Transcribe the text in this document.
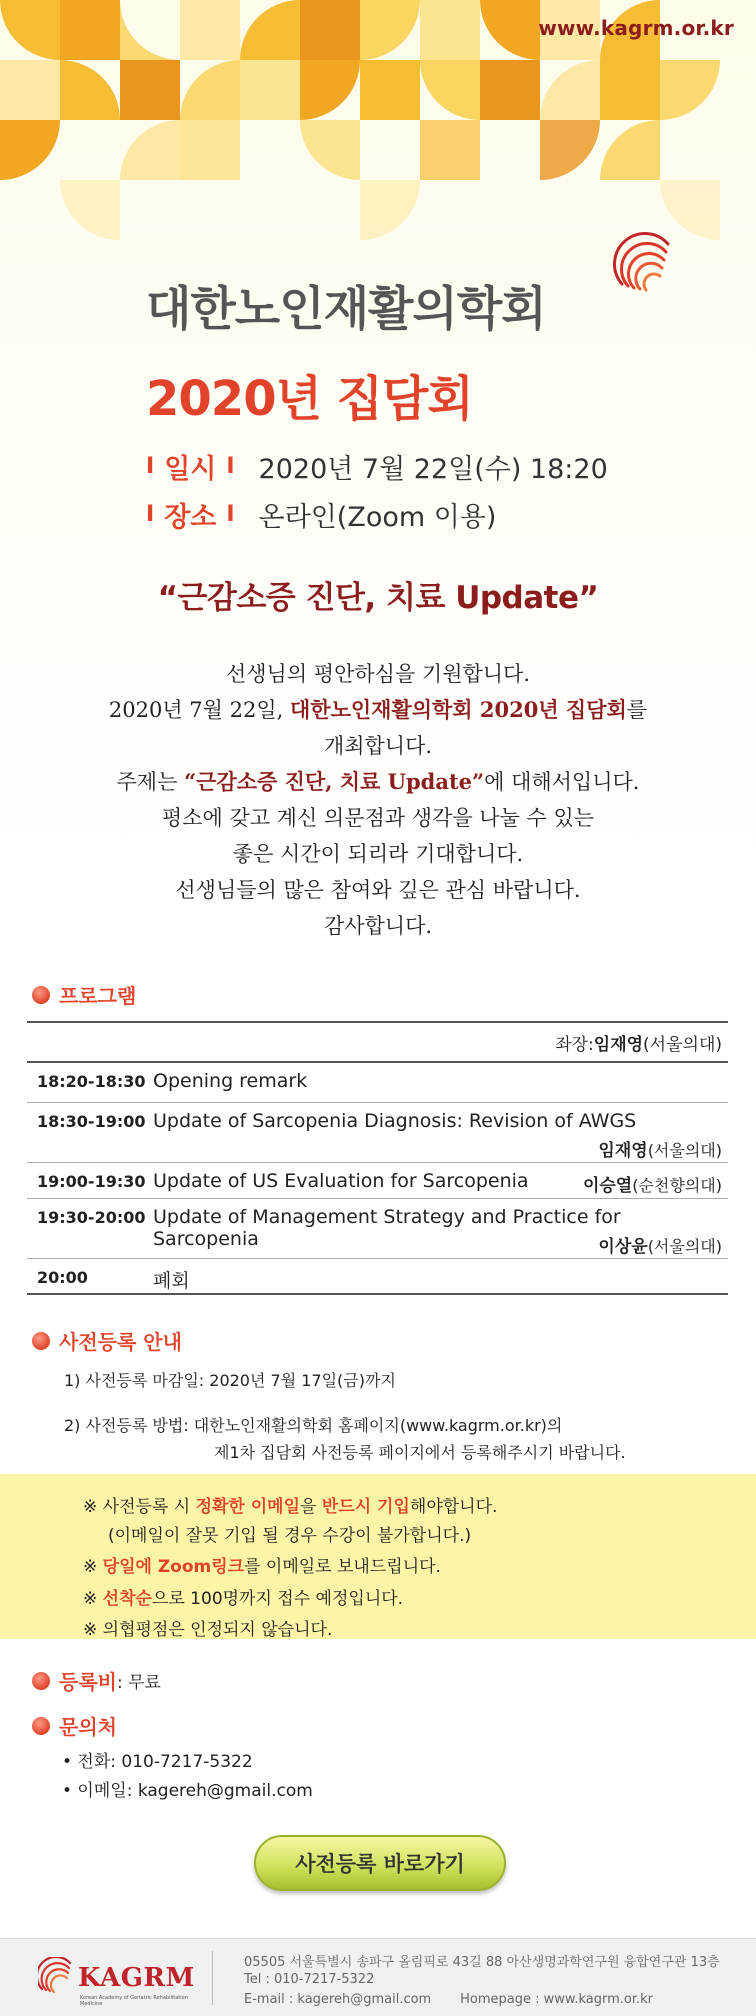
www.kagrm.or.kr
대한노인재활의학회
2020년 집담회
I 일시 I 2020년 7월 22일(수) 18:20
I 장소 I 온라인(Zoom 이용)
“근감소증 진단, 치료 Update”
선생님의 평안하심을 기원합니다.
2020년 7월 22일, 대한노인재활의학회 2020년 집담회를
개최합니다.
주제는 “근감소증 진단, 치료 Update”에 대해서입니다.
평소에 갖고 계신 의문점과 생각을 나눌 수 있는
좋은 시간이 되리라 기대합니다.
선생님들의 많은 참여와 깊은 관심 바랍니다.
감사합니다.
프로그램
좌장: 임재영 (서울의대)
18:20-18:30 Opening remark
18:30-19:00 Update of Sarcopenia Diagnosis: Revision of AWGS
임재영(서울의대)
19:00-19:30 Update of US Evaluation for Sarcopenia	이승열(순천향의대)
19:30-20:00 Update of Management Strategy and Practice for Sarcopenia	이상윤(서울의대)
20:00	폐회
사전등록 안내
1) 사전등록 마감일: 2020년 7월 17일(금)까지
2) 사전등록 방법: 대한노인재활의학회 홈페이지(www.kagrm.or.kr)의
제1차 집담회 사전등록 페이지에서 등록해주시기 바랍니다.
※ 사전등록 시 정확한 이메일을 반드시 기입해야합니다.
(이메일이 잘못 기입 될 경우 수강이 불가합니다.)
※ 당일에 Zoom링크를 이메일로 보내드립니다.
※ 선착순으로 100명까지 접수 예정입니다.
※ 의협평점은 인정되지 않습니다.
등록비 : 무료
문의처
• 전화: 010-7217-5322
• 이메일: kagereh@gmail.com
사전등록 바로가기
KAGRM
Korean Academy of Geriatric Rehabilitation Medicine
05505 서울특별시 송파구 올림픽로 43길 88 아산생명과학연구원 융합연구관 13층
Tel : 010-7217-5322
E-mail : kagereh@gmail.com       Homepage : www.kagrm.or.kr
